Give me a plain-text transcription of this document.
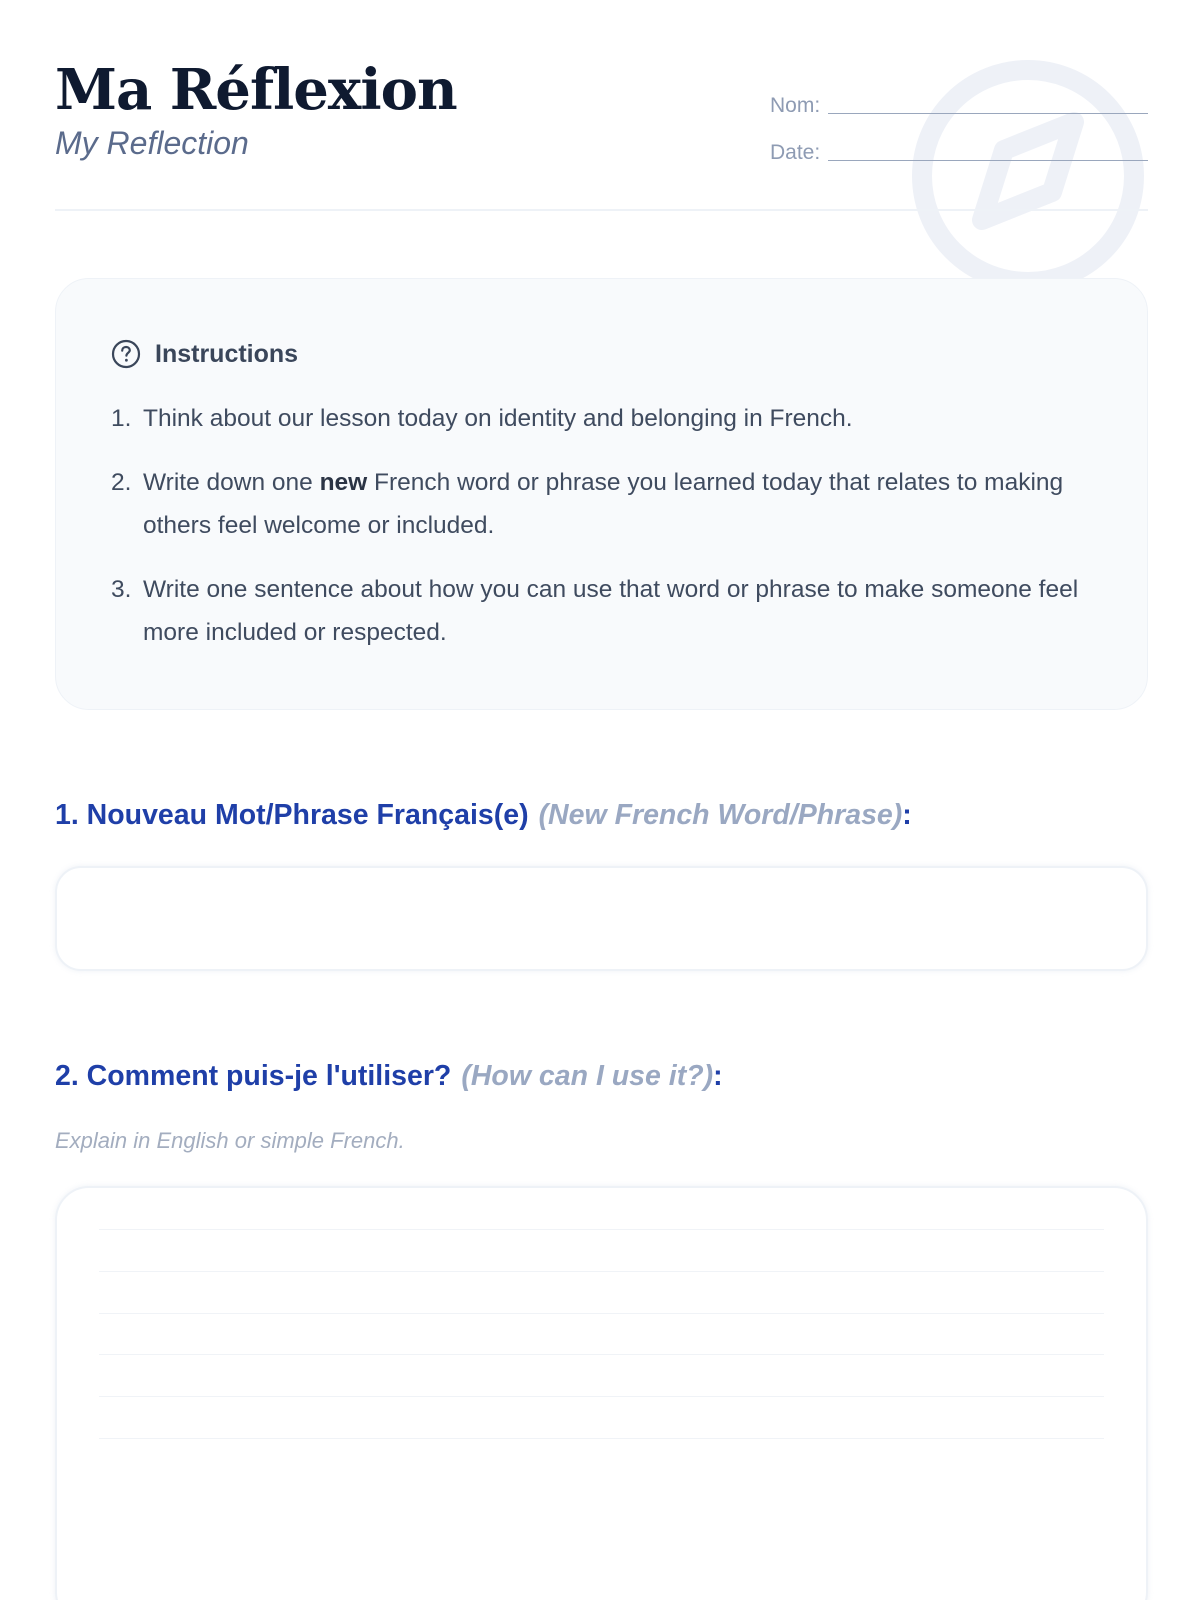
Ma Réflexion
My Reflection
Nom:
Date:
Instructions
1. Think about our lesson today on identity and belonging in French.
2. Write down one new French word or phrase you learned today that relates to making others feel welcome or included.
3. Write one sentence about how you can use that word or phrase to make someone feel more included or respected.
1. Nouveau Mot/Phrase Français(e) (New French Word/Phrase):
2. Comment puis-je l'utiliser? (How can I use it?):
Explain in English or simple French.
